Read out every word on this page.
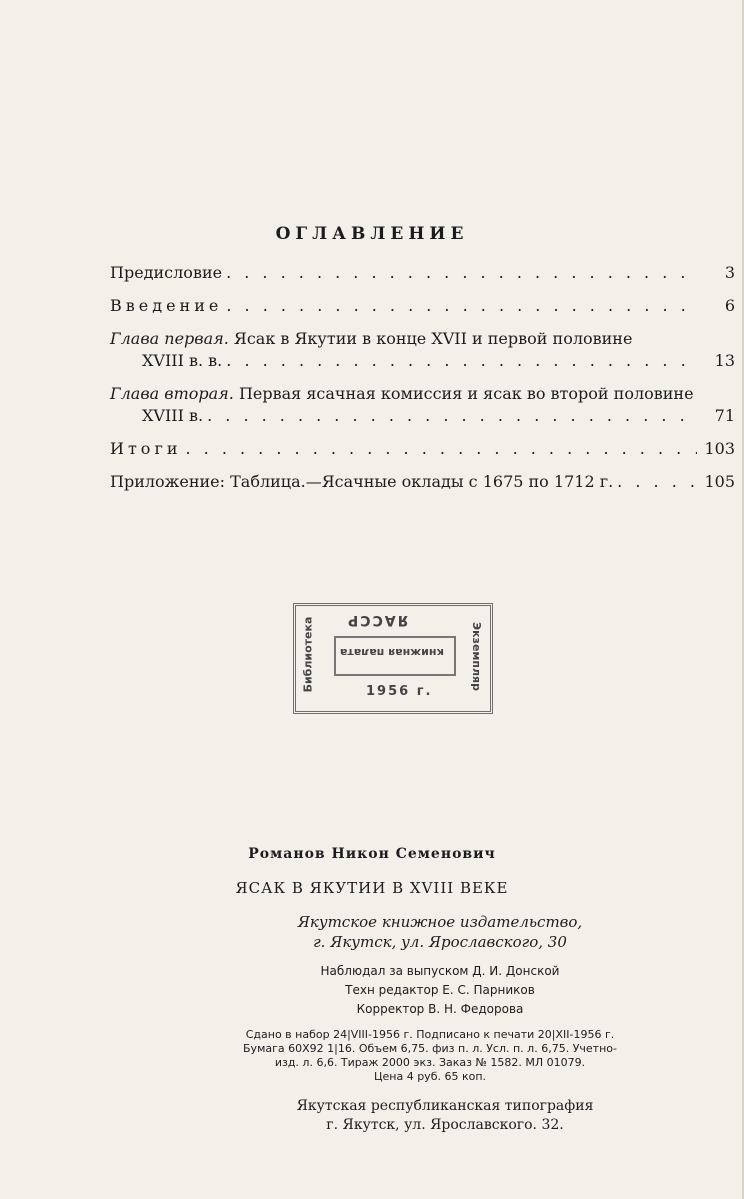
ОГЛАВЛЕНИЕ
Предисловие . . .	3
Введение . . .	6
Глава первая. Ясак в Якутии в конце XVII и первой половине
XVIII в. в. . . .	13
Глава вторая. Первая ясачная комиссия и ясак во второй половине
XVIII в. . . .	71
Итоги . . .	103
Приложение: Таблица.—Ясачные оклады с 1675 по 1712 г. . . .	105
ЯАССР
книжная палата
1956 г.
Библиотека	Экземпляр
Романов Никон Семенович
ЯСАК В ЯКУТИИ В XVIII ВЕКЕ
Якутское книжное издательство,
г. Якутск, ул. Ярославского, 30
Наблюдал за выпуском Д. И. Донской
Техн редактор Е. С. Парников
Корректор В. Н. Федорова
Сдано в набор 24|VIII-1956 г. Подписано к печати 20|XII-1956 г.
Бумага 60X92 1|16. Объем 6,75. физ п. л. Усл. п. л. 6,75. Учетно-
изд. л. 6,6. Тираж 2000 экз. Заказ № 1582. МЛ 01079.
Цена 4 руб. 65 коп.
Якутская республиканская типография
г. Якутск, ул. Ярославского. 32.
